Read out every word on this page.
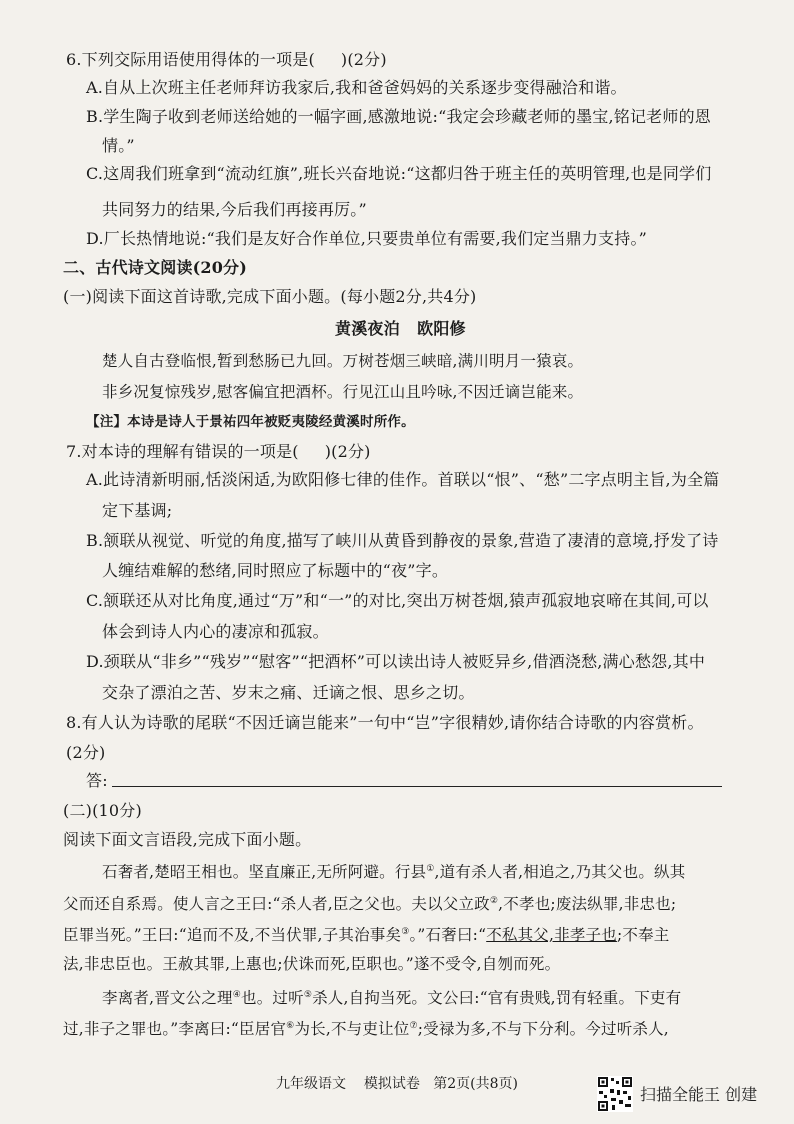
6.下列交际用语使用得体的一项是( )(2分)
A.自从上次班主任老师拜访我家后,我和爸爸妈妈的关系逐步变得融洽和谐。
B.学生陶子收到老师送给她的一幅字画,感激地说:“我定会珍藏老师的墨宝,铭记老师的恩
情。”
C.这周我们班拿到“流动红旗”,班长兴奋地说:“这都归咎于班主任的英明管理,也是同学们
共同努力的结果,今后我们再接再厉。”
D.厂长热情地说:“我们是友好合作单位,只要贵单位有需要,我们定当鼎力支持。”
二、古代诗文阅读(20分)
(一)阅读下面这首诗歌,完成下面小题。(每小题2分,共4分)
黄溪夜泊 欧阳修
楚人自古登临恨,暂到愁肠已九回。万树苍烟三峡暗,满川明月一猿哀。
非乡况复惊残岁,慰客偏宜把酒杯。行见江山且吟咏,不因迁谪岂能来。
【注】本诗是诗人于景祐四年被贬夷陵经黄溪时所作。
7.对本诗的理解有错误的一项是( )(2分)
A.此诗清新明丽,恬淡闲适,为欧阳修七律的佳作。首联以“恨”、“愁”二字点明主旨,为全篇
定下基调;
B.颔联从视觉、听觉的角度,描写了峡川从黄昏到静夜的景象,营造了凄清的意境,抒发了诗
人缠结难解的愁绪,同时照应了标题中的“夜”字。
C.颔联还从对比角度,通过“万”和“一”的对比,突出万树苍烟,猿声孤寂地哀啼在其间,可以
体会到诗人内心的凄凉和孤寂。
D.颈联从“非乡”“残岁”“慰客”“把酒杯”可以读出诗人被贬异乡,借酒浇愁,满心愁怨,其中
交杂了漂泊之苦、岁末之痛、迁谪之恨、思乡之切。
8.有人认为诗歌的尾联“不因迁谪岂能来”一句中“岂”字很精妙,请你结合诗歌的内容赏析。
(2分)
答:
(二)(10分)
阅读下面文言语段,完成下面小题。
石奢者,楚昭王相也。坚直廉正,无所阿避。行县①,道有杀人者,相追之,乃其父也。纵其
父而还自系焉。使人言之王曰:“杀人者,臣之父也。夫以父立政②,不孝也;废法纵罪,非忠也;
臣罪当死。”王曰:“追而不及,不当伏罪,子其治事矣③。”石奢曰:“不私其父,非孝子也;不奉主
法,非忠臣也。王赦其罪,上惠也;伏诛而死,臣职也。”遂不受令,自刎而死。
李离者,晋文公之理④也。过听⑤杀人,自拘当死。文公曰:“官有贵贱,罚有轻重。下吏有
过,非子之罪也。”李离曰:“臣居官⑥为长,不与吏让位⑦;受禄为多,不与下分利。今过听杀人,
九年级语文 模拟试卷 第2页(共8页)
扫描全能王 创建
